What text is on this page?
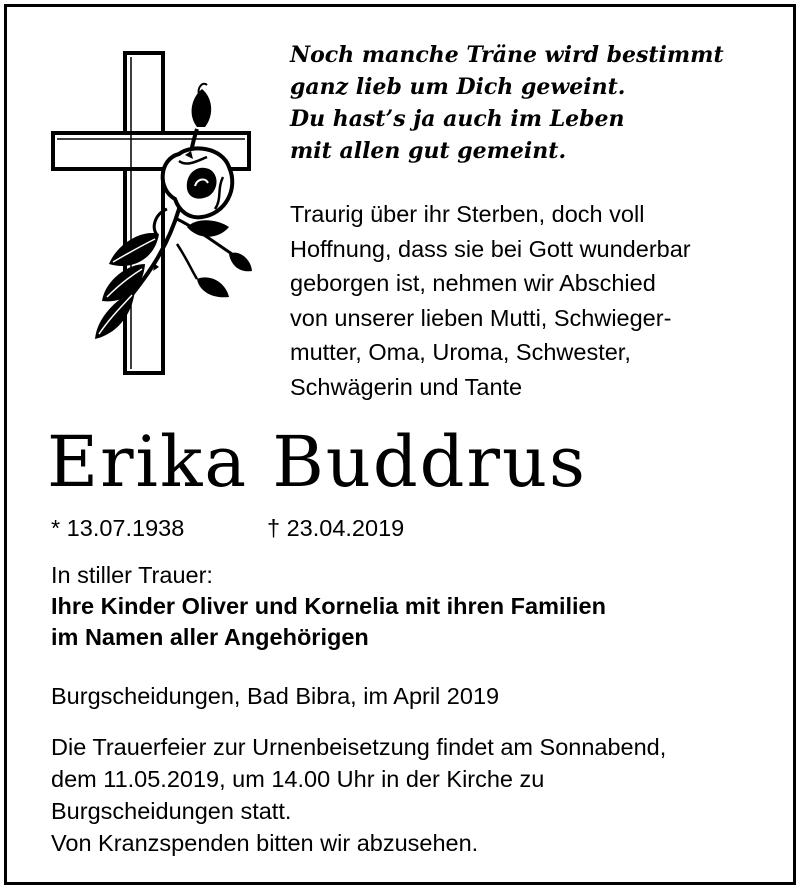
Noch manche Träne wird bestimmt
ganz lieb um Dich geweint.
Du hast’s ja auch im Leben
mit allen gut gemeint.
Traurig über ihr Sterben, doch voll
Hoffnung, dass sie bei Gott wunderbar
geborgen ist, nehmen wir Abschied
von unserer lieben Mutti, Schwieger-
mutter, Oma, Uroma, Schwester,
Schwägerin und Tante
Erika Buddrus
* 13.07.1938	† 23.04.2019
In stiller Trauer:
Ihre Kinder Oliver und Kornelia mit ihren Familien
im Namen aller Angehörigen
Burgscheidungen, Bad Bibra, im April 2019
Die Trauerfeier zur Urnenbeisetzung findet am Sonnabend,
dem 11.05.2019, um 14.00 Uhr in der Kirche zu
Burgscheidungen statt.
Von Kranzspenden bitten wir abzusehen.
